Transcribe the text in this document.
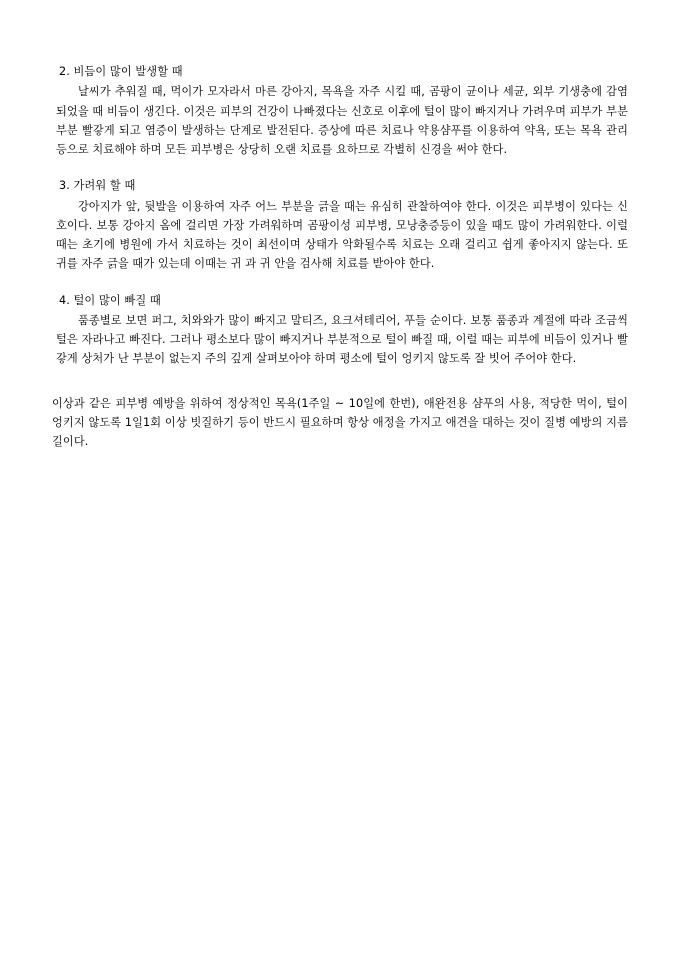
2. 비듬이 많이 발생할 때

날씨가 추워질 때, 먹이가 모자라서 마른 강아지, 목욕을 자주 시킬 때, 곰팡이 균이나 세균, 외부 기생충에 감염되었을 때 비듬이 생긴다. 이것은 피부의 건강이 나빠졌다는 신호로 이후에 털이 많이 빠지거나 가려우며 피부가 부분 부분 빨갛게 되고 염증이 발생하는 단계로 발전된다. 증상에 따른 치료나 약용샴푸를 이용하여 약욕, 또는 목욕 관리등으로 치료해야 하며 모든 피부병은 상당히 오랜 치료를 요하므로 각별히 신경을 써야 한다.

3. 가려워 할 때

강아지가 앞, 뒷발을 이용하여 자주 어느 부분을 긁을 때는 유심히 관찰하여야 한다. 이것은 피부병이 있다는 신호이다. 보통 강아지 옴에 걸리면 가장 가려워하며 곰팡이성 피부병, 모낭충증등이 있을 때도 많이 가려워한다. 이럴 때는 초기에 병원에 가서 치료하는 것이 최선이며 상태가 악화될수록 치료는 오래 걸리고 쉽게 좋아지지 않는다. 또 귀를 자주 긁을 때가 있는데 이때는 귀 과 귀 안을 검사해 치료를 받아야 한다.

4. 털이 많이 빠질 때

품종별로 보면 퍼그, 치와와가 많이 빠지고 말티즈, 요크셔테리어, 푸들 순이다. 보통 품종과 계절에 따라 조금씩 털은 자라나고 빠진다. 그러나 평소보다 많이 빠지거나 부분적으로 털이 빠질 때, 이럴 때는 피부에 비듬이 있거나 빨갛게 상처가 난 부분이 없는지 주의 깊게 살펴보아야 하며 평소에 털이 엉키지 않도록 잘 빗어 주어야 한다.

이상과 같은 피부병 예방을 위하여 정상적인 목욕(1주일 ~ 10일에 한번), 애완전용 샴푸의 사용, 적당한 먹이, 털이 엉키지 않도록 1일1회 이상 빗질하기 등이 반드시 필요하며 항상 애정을 가지고 애견을 대하는 것이 질병 예방의 지름길이다.
